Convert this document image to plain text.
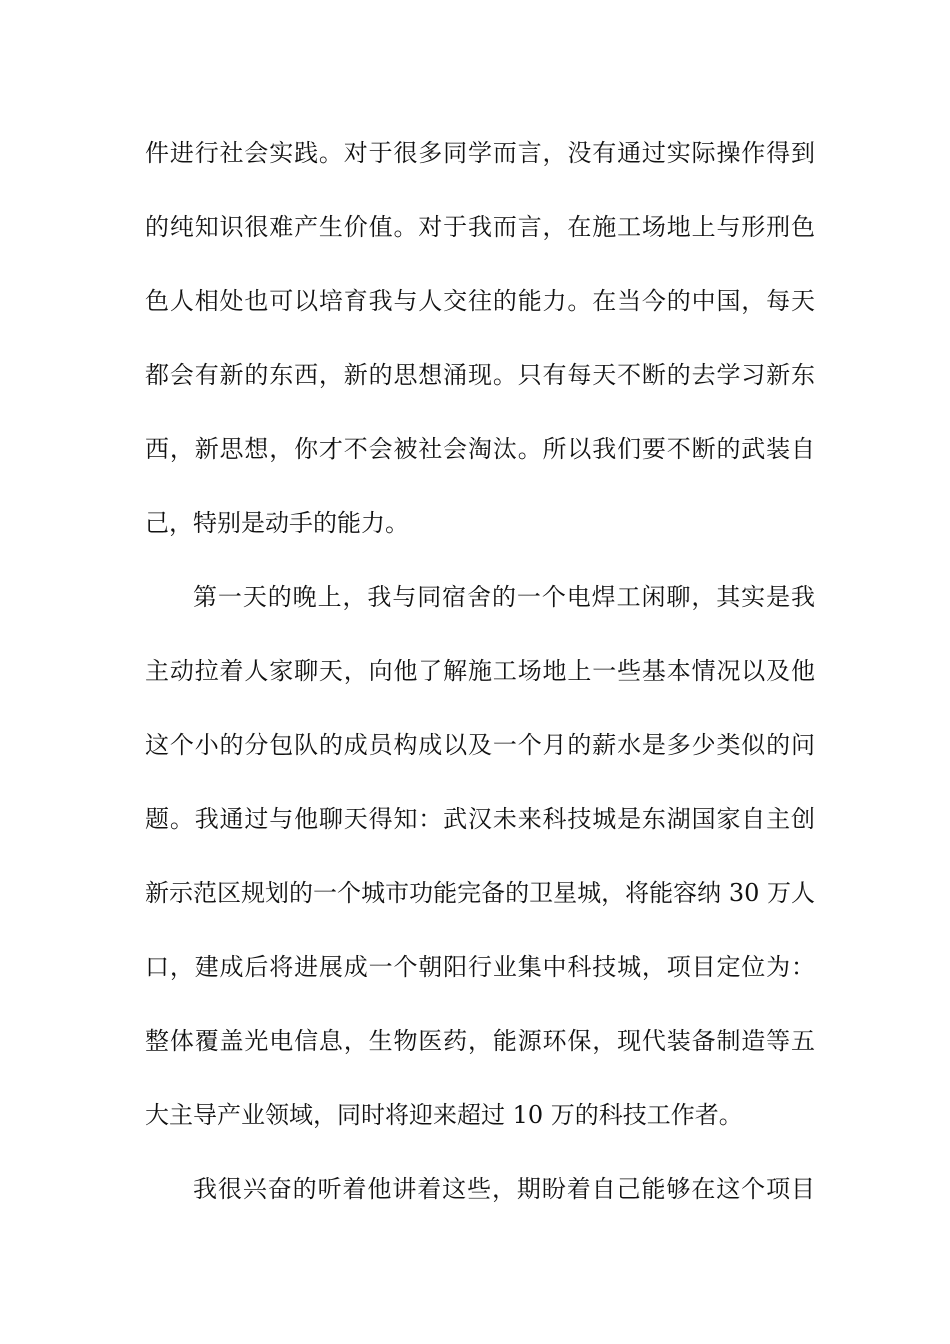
件进行社会实践。对于很多同学而言，没有通过实际操作得到
的纯知识很难产生价值。对于我而言，在施工场地上与形刑色
色人相处也可以培育我与人交往的能力。在当今的中国，每天
都会有新的东西，新的思想涌现。只有每天不断的去学习新东
西，新思想，你才不会被社会淘汰。所以我们要不断的武装自
己，特别是动手的能力。
第一天的晚上，我与同宿舍的一个电焊工闲聊，其实是我
主动拉着人家聊天，向他了解施工场地上一些基本情况以及他
这个小的分包队的成员构成以及一个月的薪水是多少类似的问
题。我通过与他聊天得知：武汉未来科技城是东湖国家自主创
新示范区规划的一个城市功能完备的卫星城，将能容纳 30 万人
口，建成后将进展成一个朝阳行业集中科技城，项目定位为：
整体覆盖光电信息，生物医药，能源环保，现代装备制造等五
大主导产业领域，同时将迎来超过 10 万的科技工作者。
我很兴奋的听着他讲着这些，期盼着自己能够在这个项目
